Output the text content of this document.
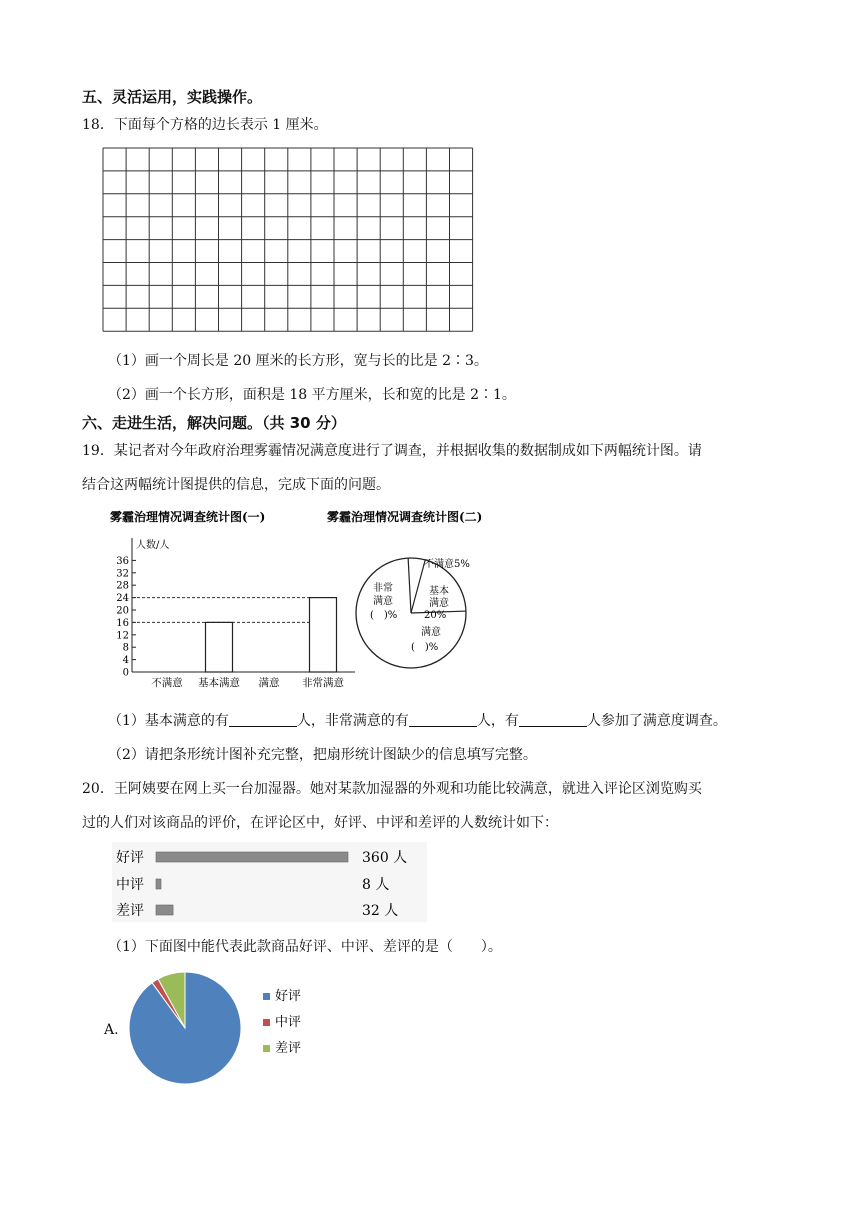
五、灵活运用，实践操作。
18．下面每个方格的边长表示 1 厘米。
（1）画一个周长是 20 厘米的长方形，宽与长的比是 2∶3。
（2）画一个长方形，面积是 18 平方厘米，长和宽的比是 2∶1。
六、走进生活，解决问题。（共 30 分）
19．某记者对今年政府治理雾霾情况满意度进行了调查，并根据收集的数据制成如下两幅统计图。请
结合这两幅统计图提供的信息，完成下面的问题。
雾霾治理情况调查统计图(一)
人数/人
0
4
8
12
16
20
24
28
32
36
不满意 基本满意 满意 非常满意
雾霾治理情况调查统计图(二)
不满意5%
基本
满意
20%
非常
满意
(　)%
满意
(　)%
（1）基本满意的有	人，非常满意的有	人，有	人参加了满意度调查。
（2）请把条形统计图补充完整，把扇形统计图缺少的信息填写完整。
20．王阿姨要在网上买一台加湿器。她对某款加湿器的外观和功能比较满意，就进入评论区浏览购买
过的人们对该商品的评价，在评论区中，好评、中评和差评的人数统计如下：
好评	360 人
中评	8 人
差评	32 人
（1）下面图中能代表此款商品好评、中评、差评的是（　　）。
A.
好评
中评
差评
